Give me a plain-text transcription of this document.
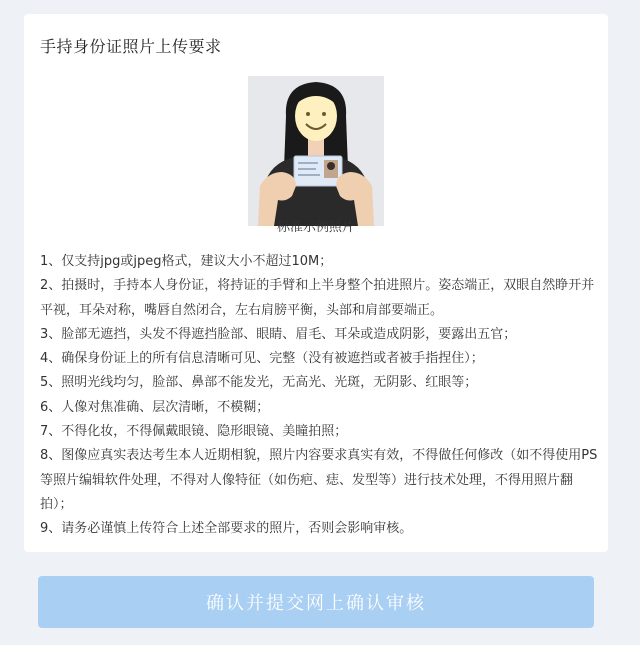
手持身份证照片上传要求
标准示例照片
1、仅支持jpg或jpeg格式，建议大小不超过10M；
2、拍摄时，手持本人身份证，将持证的手臂和上半身整个拍进照片。姿态端正，双眼自然睁开并平视，耳朵对称，嘴唇自然闭合，左右肩膀平衡，头部和肩部要端正。
3、脸部无遮挡，头发不得遮挡脸部、眼睛、眉毛、耳朵或造成阴影，要露出五官；
4、确保身份证上的所有信息清晰可见、完整（没有被遮挡或者被手指捏住）；
5、照明光线均匀，脸部、鼻部不能发光，无高光、光斑，无阴影、红眼等；
6、人像对焦准确、层次清晰，不模糊；
7、不得化妆，不得佩戴眼镜、隐形眼镜、美瞳拍照；
8、图像应真实表达考生本人近期相貌，照片内容要求真实有效，不得做任何修改（如不得使用PS等照片编辑软件处理，不得对人像特征（如伤疤、痣、发型等）进行技术处理，不得用照片翻拍）；
9、请务必谨慎上传符合上述全部要求的照片，否则会影响审核。
确认并提交网上确认审核
